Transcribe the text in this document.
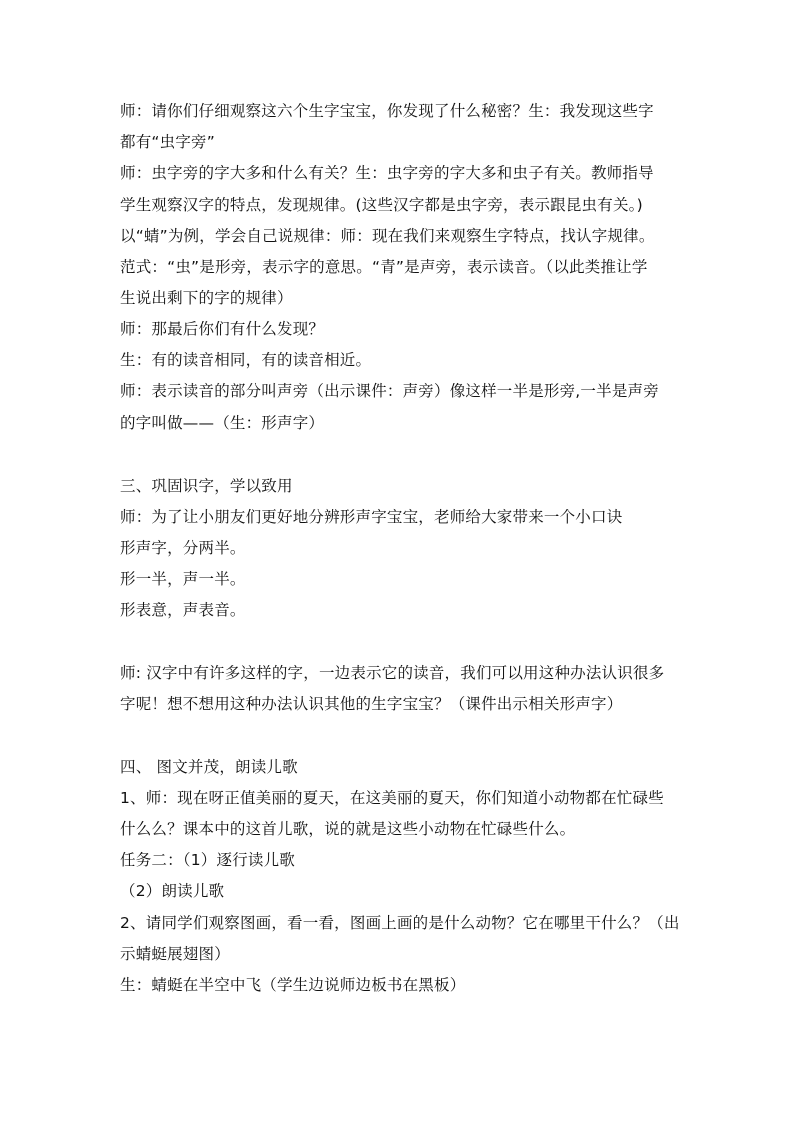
师：请你们仔细观察这六个生字宝宝，你发现了什么秘密？生：我发现这些字
都有“虫字旁”
师：虫字旁的字大多和什么有关？生：虫字旁的字大多和虫子有关。教师指导
学生观察汉字的特点，发现规律。(这些汉字都是虫字旁，表示跟昆虫有关。)
以“蜻”为例，学会自己说规律：师：现在我们来观察生字特点，找认字规律。
范式：“虫”是形旁，表示字的意思。“青”是声旁，表示读音。（以此类推让学
生说出剩下的字的规律）
师：那最后你们有什么发现？
生：有的读音相同，有的读音相近。
师：表示读音的部分叫声旁（出示课件：声旁）像这样一半是形旁,一半是声旁
的字叫做——（生：形声字）
三、巩固识字，学以致用
师：为了让小朋友们更好地分辨形声字宝宝，老师给大家带来一个小口诀
形声字，分两半。
形一半，声一半。
形表意，声表音。
师: 汉字中有许多这样的字，一边表示它的读音，我们可以用这种办法认识很多
字呢！想不想用这种办法认识其他的生字宝宝？（课件出示相关形声字）
四、 图文并茂，朗读儿歌
1、师：现在呀正值美丽的夏天，在这美丽的夏天，你们知道小动物都在忙碌些
什么么？课本中的这首儿歌，说的就是这些小动物在忙碌些什么。
任务二：（1）逐行读儿歌
（2）朗读儿歌
2、请同学们观察图画，看一看，图画上画的是什么动物？它在哪里干什么？（出
示蜻蜓展翅图）
生：蜻蜓在半空中飞（学生边说师边板书在黑板）
